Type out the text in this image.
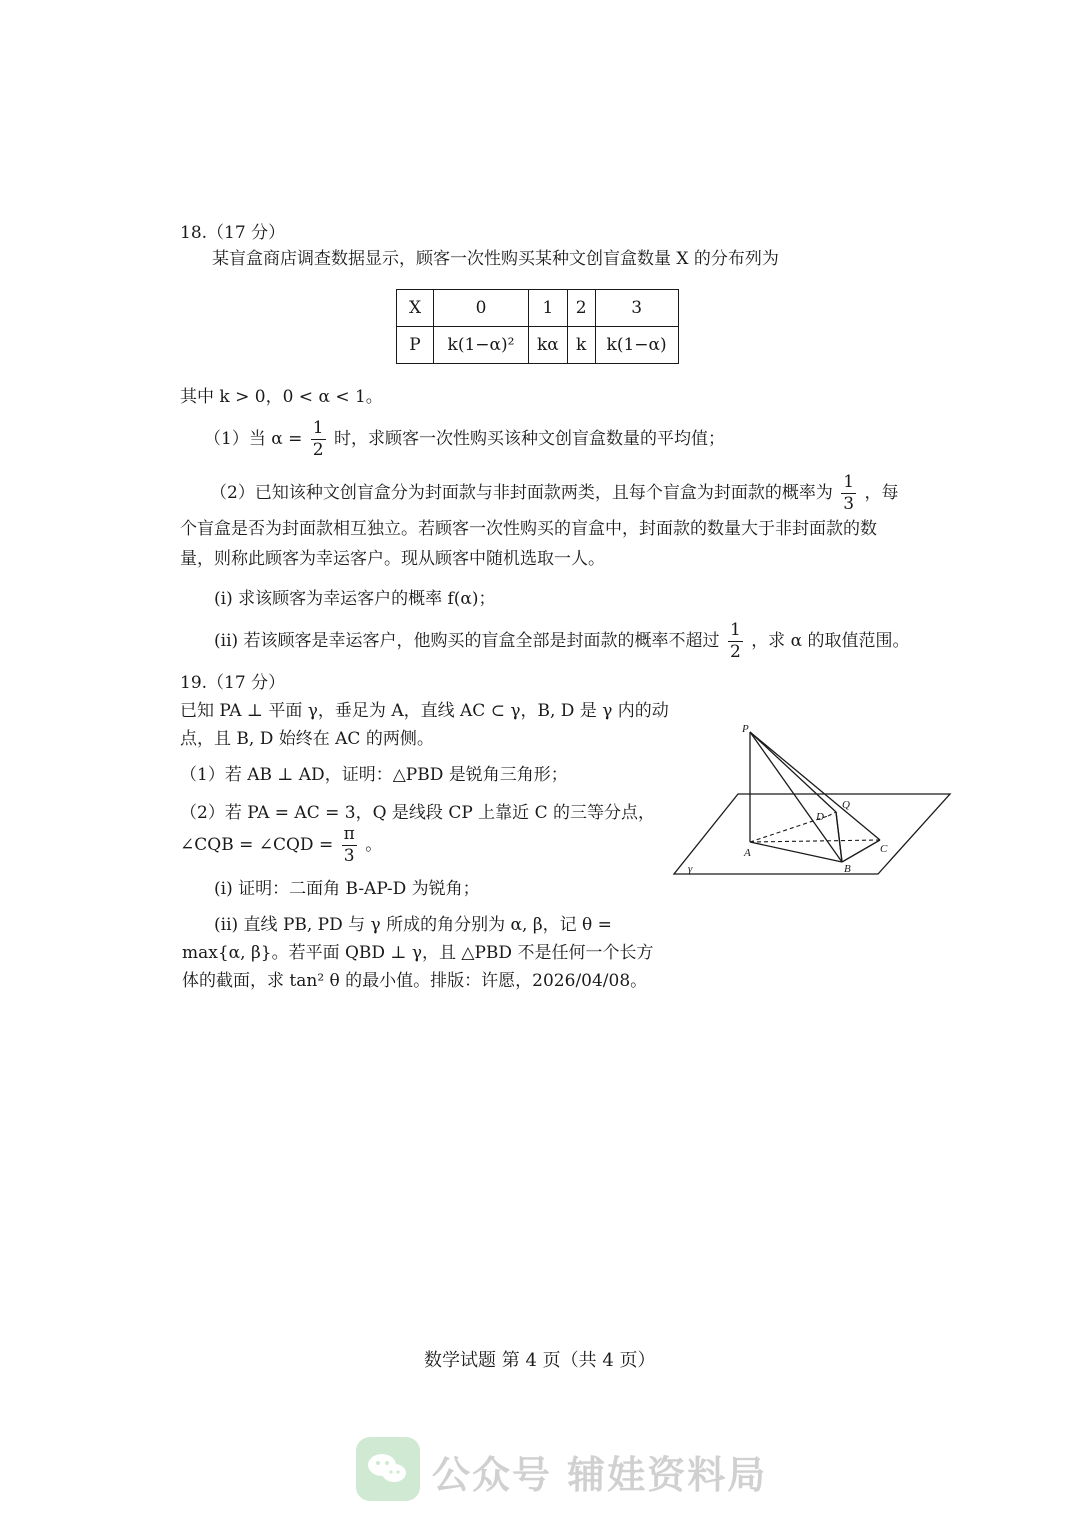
18.（17 分）
某盲盒商店调查数据显示，顾客一次性购买某种文创盲盒数量 X 的分布列为
X	0	1	2	3
P	k(1−α)²	kα	k	k(1−α)
其中 k > 0，0 < α < 1。
（1）当 $\alpha = \frac{1}{2}$ 时，求顾客一次性购买该种文创盲盒数量的平均值；
（2）已知该种文创盲盒分为封面款与非封面款两类，且每个盲盒为封面款的概率为 $\frac{1}{3}$ ，每
个盲盒是否为封面款相互独立。若顾客一次性购买的盲盒中，封面款的数量大于非封面款的数
量，则称此顾客为幸运客户。现从顾客中随机选取一人。
(i) 求该顾客为幸运客户的概率 f(α)；
(ii) 若该顾客是幸运客户，他购买的盲盒全部是封面款的概率不超过 $\frac{1}{2}$ ，求 α 的取值范围。
19.（17 分）
已知 PA ⊥ 平面 γ，垂足为 A，直线 AC ⊂ γ，B, D 是 γ 内的动
点，且 B, D 始终在 AC 的两侧。
（1）若 AB ⊥ AD，证明：△PBD 是锐角三角形；
（2）若 PA = AC = 3，Q 是线段 CP 上靠近 C 的三等分点，
∠CQB = ∠CQD = $\frac{\pi}{3}$ 。
(i) 证明：二面角 B-AP-D 为锐角；
(ii) 直线 PB, PD 与 γ 所成的角分别为 α, β，记 θ =
max{α, β}。若平面 QBD ⊥ γ，且 △PBD 不是任何一个长方
体的截面，求 tan² θ 的最小值。排版：许愿，2026/04/08。
P
Q
D
A
B
C
γ
数学试题 第 4 页（共 4 页）
公众号 辅娃资料局
